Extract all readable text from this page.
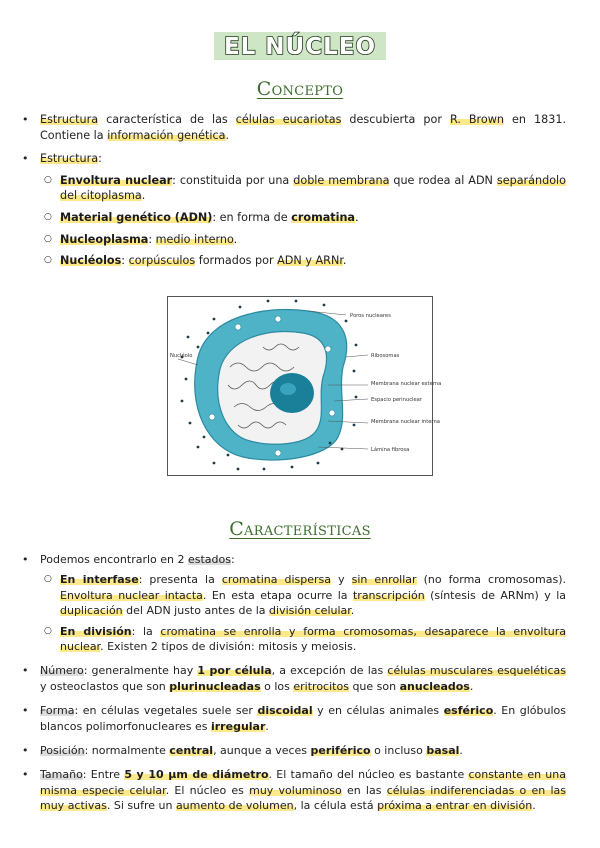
EL NÚCLEO
Concepto
•	Estructura característica de las células eucariotas descubierta por R. Brown en 1831. Contiene la información genética.
•	Estructura:
○ Envoltura nuclear: constituida por una doble membrana que rodea al ADN separándolo del citoplasma.
○ Material genético (ADN): en forma de cromatina.
○ Nucleoplasma: medio interno.
○ Nucléolos: corpúsculos formados por ADN y ARNr.
Poros nucleares
Ribosomas
Nucléolo
Membrana nuclear externa
Espacio perinuclear
Membrana nuclear interna
Lámina fibrosa
Características
•	Podemos encontrarlo en 2 estados:
○ En interfase: presenta la cromatina dispersa y sin enrollar (no forma cromosomas). Envoltura nuclear intacta. En esta etapa ocurre la transcripción (síntesis de ARNm) y la duplicación del ADN justo antes de la división celular.
○ En división: la cromatina se enrolla y forma cromosomas, desaparece la envoltura nuclear. Existen 2 tipos de división: mitosis y meiosis.
•	Número: generalmente hay 1 por célula, a excepción de las células musculares esqueléticas y osteoclastos que son plurinucleadas o los eritrocitos que son anucleados.
•	Forma: en células vegetales suele ser discoidal y en células animales esférico. En glóbulos blancos polimorfonucleares es irregular.
•	Posición: normalmente central, aunque a veces periférico o incluso basal.
•	Tamaño: Entre 5 y 10 µm de diámetro. El tamaño del núcleo es bastante constante en una misma especie celular. El núcleo es muy voluminoso en las células indiferenciadas o en las muy activas. Si sufre un aumento de volumen, la célula está próxima a entrar en división.
